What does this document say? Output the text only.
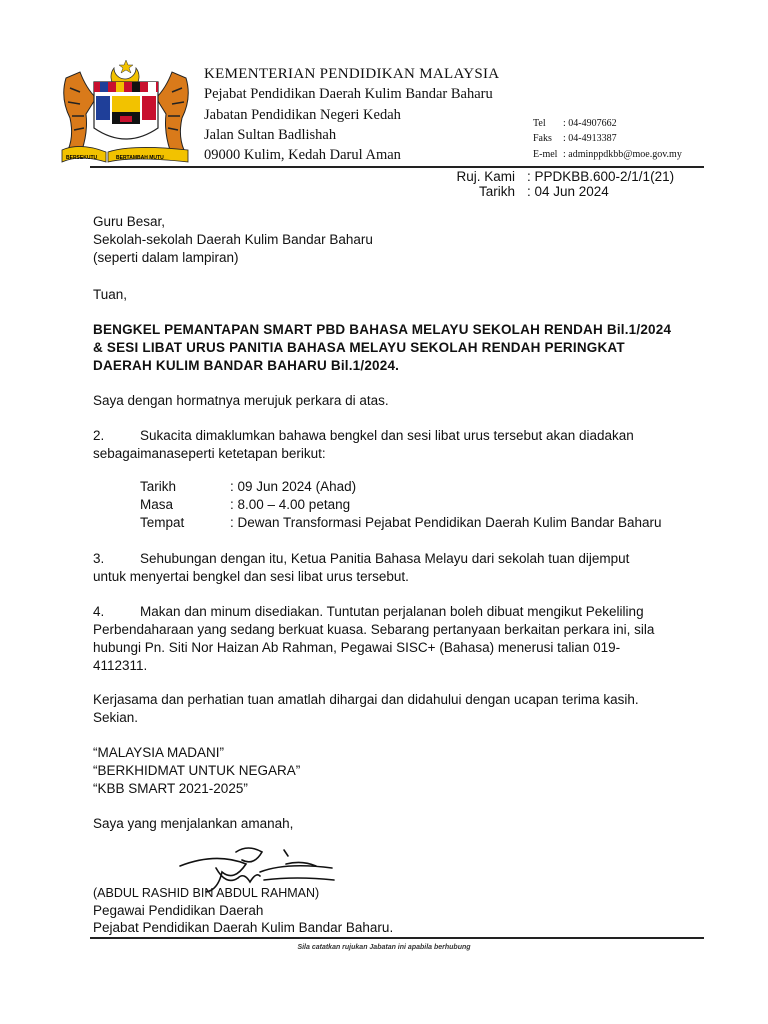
BERSEKUTU	BERTAMBAH MUTU
KEMENTERIAN PENDIDIKAN MALAYSIA
Pejabat Pendidikan Daerah Kulim Bandar Baharu
Jabatan Pendidikan Negeri Kedah
Jalan Sultan Badlishah
09000 Kulim, Kedah Darul Aman
Tel : 04-4907662
Faks : 04-4913387
E-mel : adminppdkbb@moe.gov.my
Ruj. Kami : PPDKBB.600-2/1/1(21)
Tarikh : 04 Jun 2024
Guru Besar,
Sekolah-sekolah Daerah Kulim Bandar Baharu
(seperti dalam lampiran)
Tuan,
BENGKEL PEMANTAPAN SMART PBD BAHASA MELAYU SEKOLAH RENDAH Bil.1/2024
& SESI LIBAT URUS PANITIA BAHASA MELAYU SEKOLAH RENDAH PERINGKAT
DAERAH KULIM BANDAR BAHARU Bil.1/2024.
Saya dengan hormatnya merujuk perkara di atas.
2.	Sukacita dimaklumkan bahawa bengkel dan sesi libat urus tersebut akan diadakan
sebagaimanaseperti ketetapan berikut:
Tarikh	: 09 Jun 2024 (Ahad)
Masa	: 8.00 – 4.00 petang
Tempat	: Dewan Transformasi Pejabat Pendidikan Daerah Kulim Bandar Baharu
3.	Sehubungan dengan itu, Ketua Panitia Bahasa Melayu dari sekolah tuan dijemput
untuk menyertai bengkel dan sesi libat urus tersebut.
4.	Makan dan minum disediakan. Tuntutan perjalanan boleh dibuat mengikut Pekeliling
Perbendaharaan yang sedang berkuat kuasa. Sebarang pertanyaan berkaitan perkara ini, sila
hubungi Pn. Siti Nor Haizan Ab Rahman, Pegawai SISC+ (Bahasa) menerusi talian 019-
4112311.
Kerjasama dan perhatian tuan amatlah dihargai dan didahului dengan ucapan terima kasih.
Sekian.
“MALAYSIA MADANI”
“BERKHIDMAT UNTUK NEGARA”
“KBB SMART 2021-2025”
Saya yang menjalankan amanah,
(ABDUL RASHID BIN ABDUL RAHMAN)
Pegawai Pendidikan Daerah
Pejabat Pendidikan Daerah Kulim Bandar Baharu.
Sila catatkan rujukan Jabatan ini apabila berhubung
